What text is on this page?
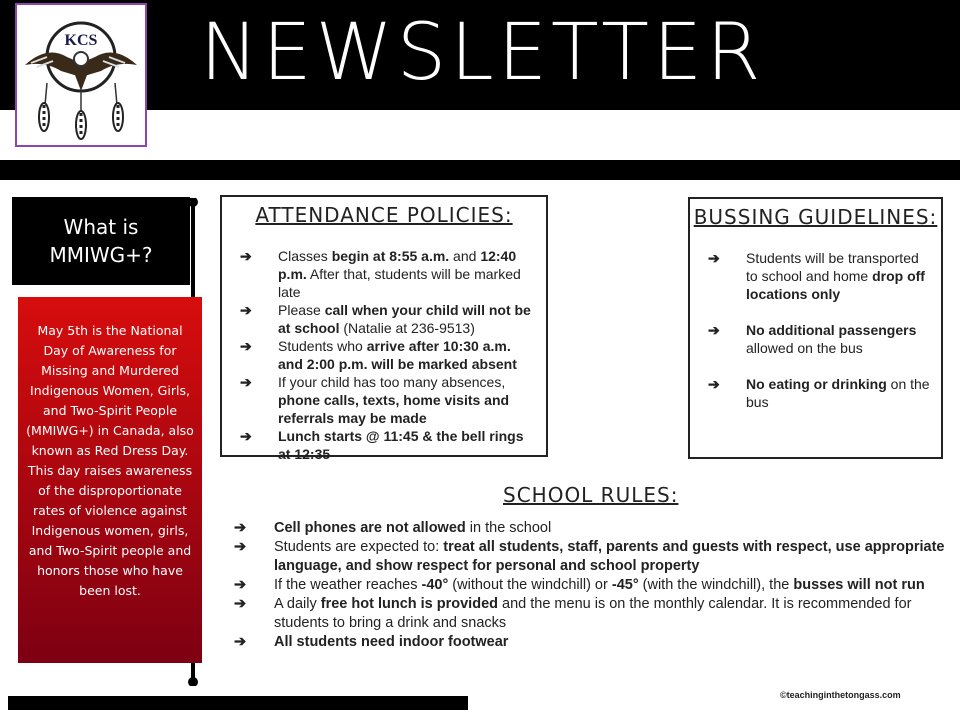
NEWSLETTER
KCS
What is
MMIWG+?
May 5th is the National Day of Awareness for Missing and Murdered Indigenous Women, Girls, and Two-Spirit People (MMIWG+) in Canada, also known as Red Dress Day. This day raises awareness of the disproportionate rates of violence against Indigenous women, girls, and Two-Spirit people and honors those who have been lost.
ATTENDANCE POLICIES:
➔ Classes begin at 8:55 a.m. and 12:40 p.m. After that, students will be marked late
➔ Please call when your child will not be at school (Natalie at 236-9513)
➔ Students who arrive after 10:30 a.m. and 2:00 p.m. will be marked absent
➔ If your child has too many absences, phone calls, texts, home visits and referrals may be made
➔ Lunch starts @ 11:45 & the bell rings at 12:35
BUSSING GUIDELINES:
➔ Students will be transported to school and home drop off locations only
➔ No additional passengers allowed on the bus
➔ No eating or drinking on the bus
SCHOOL RULES:
➔ Cell phones are not allowed in the school
➔ Students are expected to: treat all students, staff, parents and guests with respect, use appropriate language, and show respect for personal and school property
➔ If the weather reaches -40° (without the windchill) or -45° (with the windchill), the busses will not run
➔ A daily free hot lunch is provided and the menu is on the monthly calendar. It is recommended for students to bring a drink and snacks
➔ All students need indoor footwear
©teachinginthetongass.com
